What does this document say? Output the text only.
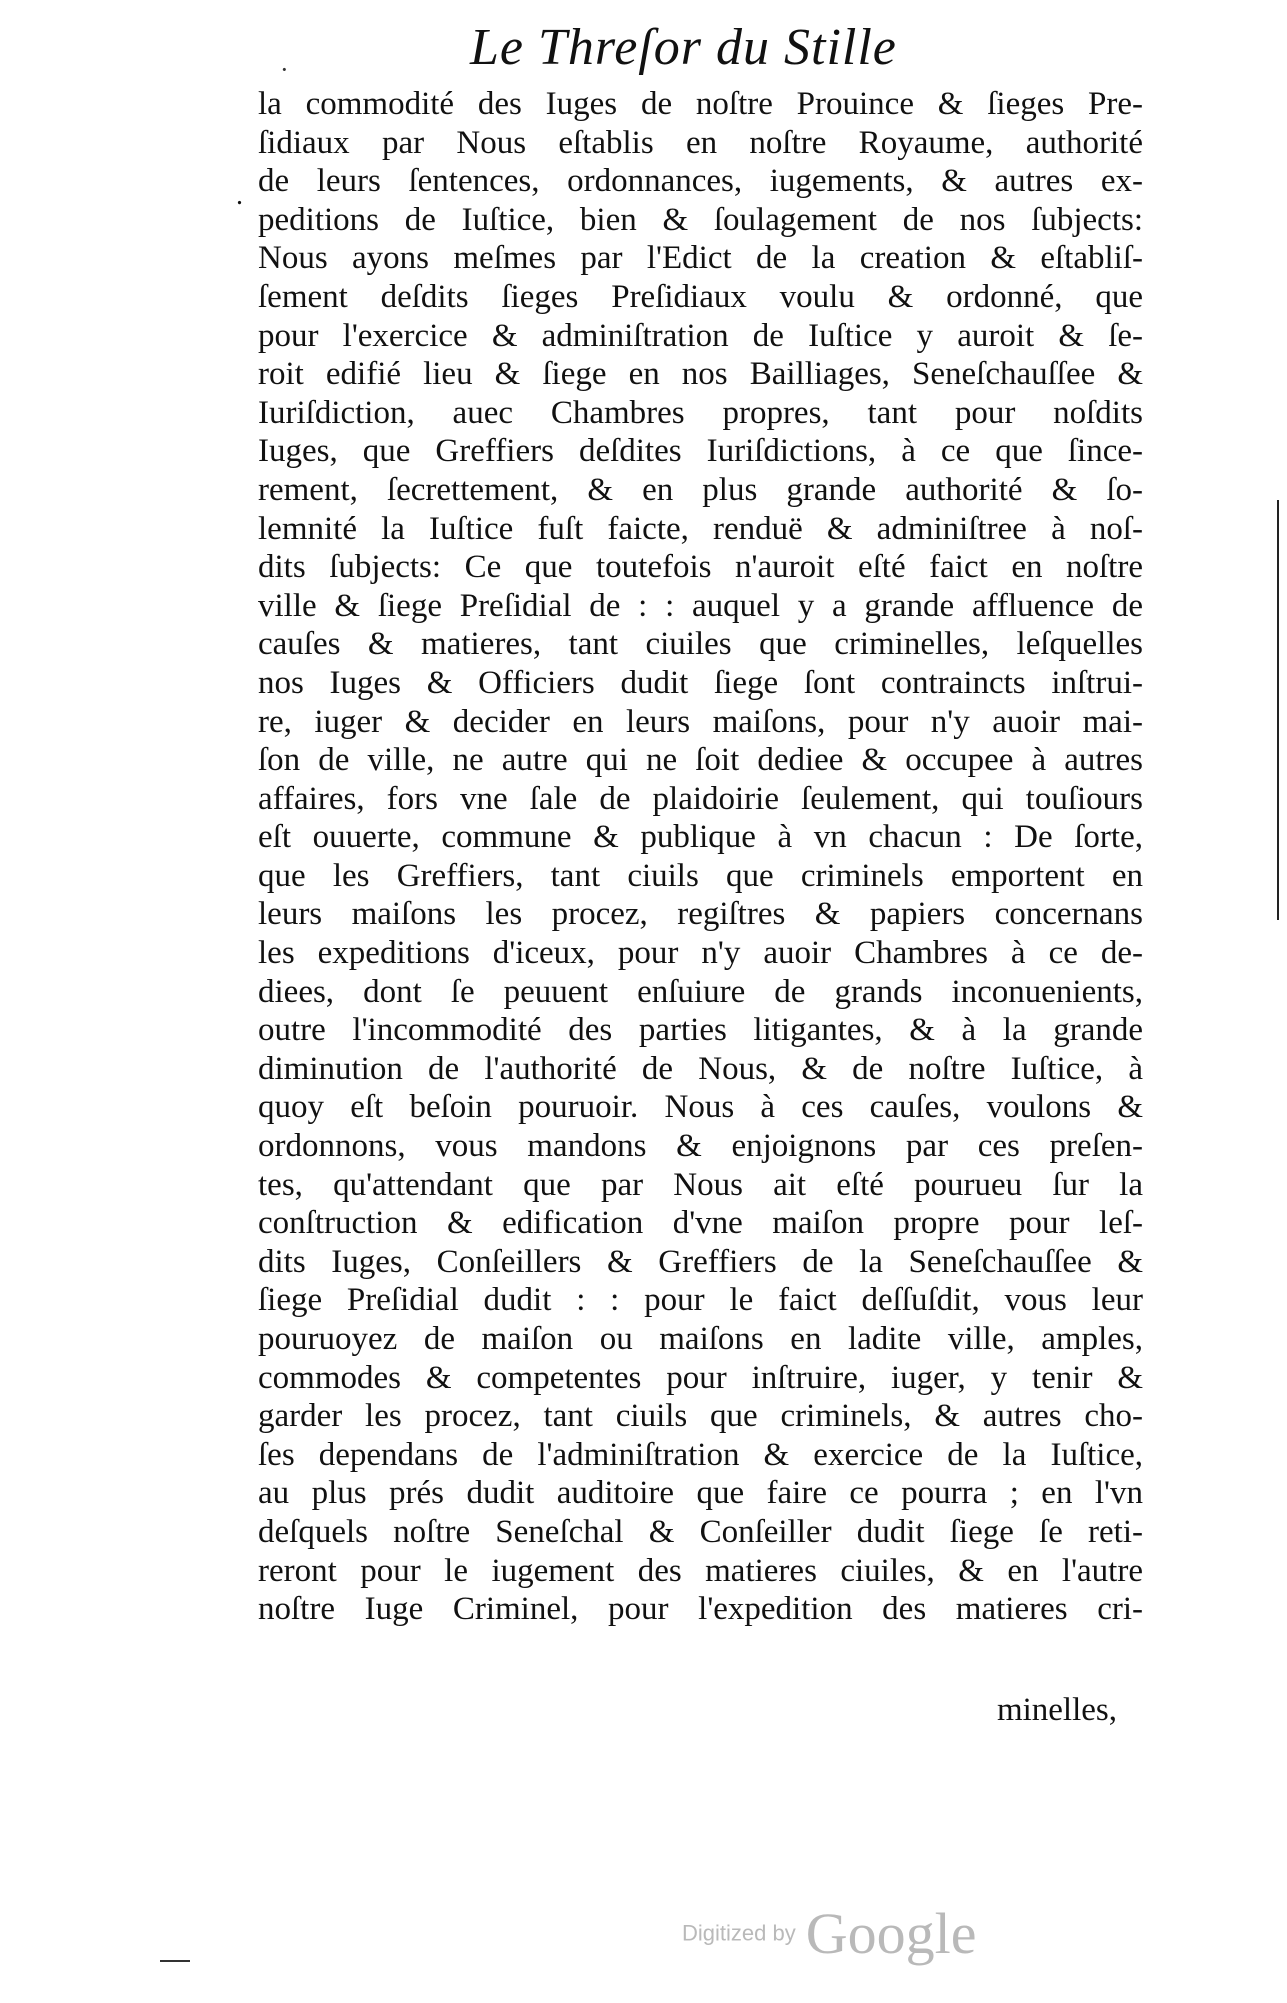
Le Threſor du Stille
·
.
la commodité des Iuges de noſtre Prouince & ſieges Pre-
ſidiaux par Nous eſtablis en noſtre Royaume, authorité
de leurs ſentences, ordonnances, iugements, & autres ex-
peditions de Iuſtice, bien & ſoulagement de nos ſubjects:
Nous ayons meſmes par l'Edict de la creation & eſtabliſ-
ſement deſdits ſieges Preſidiaux voulu & ordonné, que
pour l'exercice & adminiſtration de Iuſtice y auroit & ſe-
roit edifié lieu & ſiege en nos Bailliages, Seneſchauſſee &
Iuriſdiction, auec Chambres propres, tant pour noſdits
Iuges, que Greffiers deſdites Iuriſdictions, à ce que ſince-
rement, ſecrettement, & en plus grande authorité & ſo-
lemnité la Iuſtice fuſt faicte, renduë & adminiſtree à noſ-
dits ſubjects: Ce que toutefois n'auroit eſté faict en noſtre
ville & ſiege Preſidial de : : auquel y a grande affluence de
cauſes & matieres, tant ciuiles que criminelles, leſquelles
nos Iuges & Officiers dudit ſiege ſont contraincts inſtrui-
re, iuger & decider en leurs maiſons, pour n'y auoir mai-
ſon de ville, ne autre qui ne ſoit dediee & occupee à autres
affaires, fors vne ſale de plaidoirie ſeulement, qui touſiours
eſt ouuerte, commune & publique à vn chacun : De ſorte,
que les Greffiers, tant ciuils que criminels emportent en
leurs maiſons les procez, regiſtres & papiers concernans
les expeditions d'iceux, pour n'y auoir Chambres à ce de-
diees, dont ſe peuuent enſuiure de grands inconuenients,
outre l'incommodité des parties litigantes, & à la grande
diminution de l'authorité de Nous, & de noſtre Iuſtice, à
quoy eſt beſoin pouruoir. Nous à ces cauſes, voulons &
ordonnons, vous mandons & enjoignons par ces preſen-
tes, qu'attendant que par Nous ait eſté pourueu ſur la
conſtruction & edification d'vne maiſon propre pour leſ-
dits Iuges, Conſeillers & Greffiers de la Seneſchauſſee &
ſiege Preſidial dudit : : pour le faict deſſuſdit, vous leur
pouruoyez de maiſon ou maiſons en ladite ville, amples,
commodes & competentes pour inſtruire, iuger, y tenir &
garder les procez, tant ciuils que criminels, & autres cho-
ſes dependans de l'adminiſtration & exercice de la Iuſtice,
au plus prés dudit auditoire que faire ce pourra ; en l'vn
deſquels noſtre Seneſchal & Conſeiller dudit ſiege ſe reti-
reront pour le iugement des matieres ciuiles, & en l'autre
noſtre Iuge Criminel, pour l'expedition des matieres cri-
minelles,
Digitized by Google
